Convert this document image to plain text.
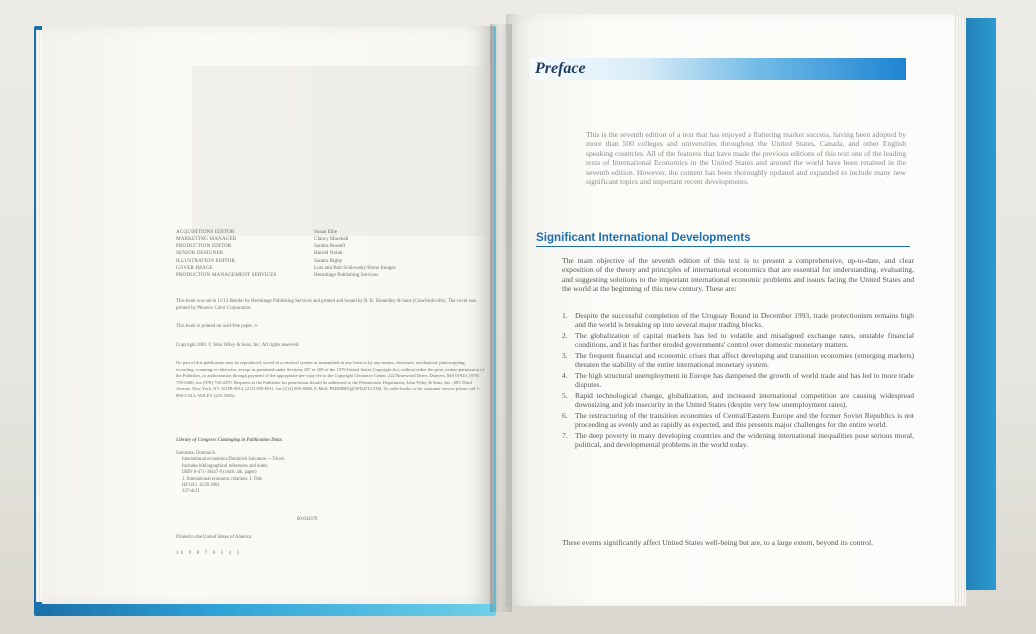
ACQUISITIONS EDITOR	Susan Elbe
MARKETING MANAGER	Clancy Marshall
PRODUCTION EDITOR	Sandra Russell
SENIOR DESIGNER	Harold Nolan
ILLUSTRATION EDITOR	Sandra Rigby
COVER IMAGE	Lois and Bob Schlowsky/Stone Images
PRODUCTION MANAGEMENT SERVICES	Hermitage Publishing Services
This book was set in 11/12 Bembo by Hermitage Publishing Services and printed and bound by R. R. Donnelley & Sons (Crawfordsville). The cover was printed by Phoenix Color Corporation.
This book is printed on acid-free paper. ∞
Copyright 2001 © John Wiley & Sons, Inc. All rights reserved.
No part of this publication may be reproduced, stored in a retrieval system or transmitted in any form or by any means, electronic, mechanical, photocopying, recording, scanning or otherwise, except as permitted under Sections 107 or 108 of the 1976 United States Copyright Act, without either the prior written permission of the Publisher, or authorization through payment of the appropriate per-copy fee to the Copyright Clearance Center, 222 Rosewood Drive, Danvers, MA 01923, (978) 750-8400, fax (978) 750-4470. Requests to the Publisher for permission should be addressed to the Permissions Department, John Wiley & Sons, Inc., 605 Third Avenue, New York, NY 10158-0012, (212) 850-6011, fax (212) 850-6008, E-Mail: PERMREQ@WILEY.COM. To order books or for customer service please call 1-800-CALL-WILEY (225-5945).
Library of Congress Cataloging in Publication Data:
Salvatore, Dominick.
International economics/Dominick Salvatore.—7th ed.
Includes bibliographical references and index.
ISBN 0-471-36447-9 (cloth: alk. paper)
1. International economic relations. I. Title
HF1411 .S239 2001
337-dc21
00-043370
Printed in the United States of America
10 9 8 7 6 5 4 3
Preface
This is the seventh edition of a text that has enjoyed a flattering market success, having been adopted by more than 500 colleges and universities throughout the United States, Canada, and other English speaking countries. All of the features that have made the previous editions of this text one of the leading texts of International Economics in the United States and around the world have been retained in the seventh edition. However, the content has been thoroughly updated and expanded to include many new significant topics and important recent developments.
Significant International Developments
The main objective of the seventh edition of this text is to present a comprehensive, up-to-date, and clear exposition of the theory and principles of international economics that are essential for understanding, evaluating, and suggesting solutions to the important international economic problems and issues facing the United States and the world at the beginning of this new century. These are:
1. Despite the successful completion of the Uruguay Round in December 1993, trade protectionism remains high and the world is breaking up into several major trading blocks.
2. The globalization of capital markets has led to volatile and misaligned exchange rates, unstable financial conditions, and it has further eroded governments' control over domestic monetary matters.
3. The frequent financial and economic crises that affect developing and transition economies (emerging markets) threaten the stability of the entire international monetary system.
4. The high structural unemployment in Europe has dampened the growth of world trade and has led to more trade disputes.
5. Rapid technological change, globalization, and increased international competition are causing widespread downsizing and job insecurity in the United States (despite very low unemployment rates).
6. The restructuring of the transition economies of Central/Eastern Europe and the former Soviet Republics is not proceeding as evenly and as rapidly as expected, and this presents major challenges for the entire world.
7. The deep poverty in many developing countries and the widening international inequalities pose serious moral, political, and developmental problems in the world today.
These events significantly affect United States well-being but are, to a large extent, beyond its control.
